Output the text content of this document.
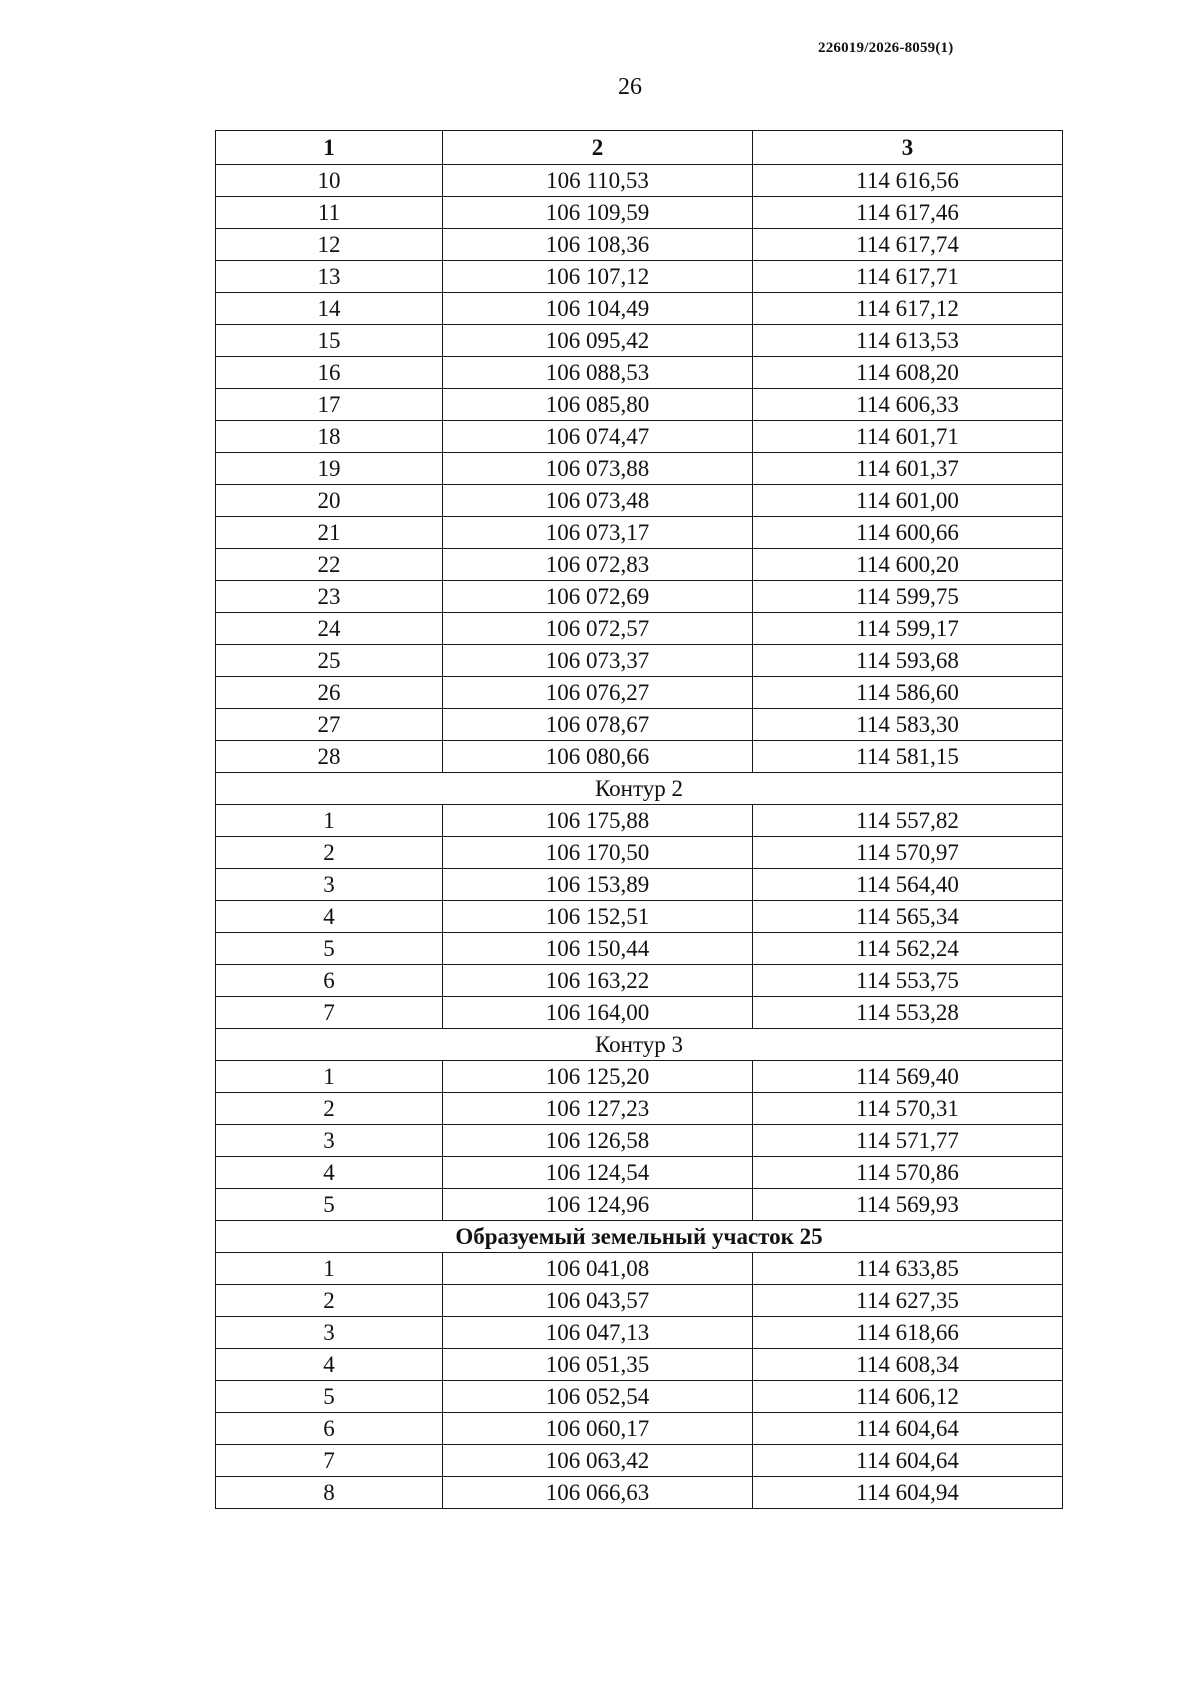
226019/2026-8059(1)
26
1	2	3
10	106 110,53	114 616,56
11	106 109,59	114 617,46
12	106 108,36	114 617,74
13	106 107,12	114 617,71
14	106 104,49	114 617,12
15	106 095,42	114 613,53
16	106 088,53	114 608,20
17	106 085,80	114 606,33
18	106 074,47	114 601,71
19	106 073,88	114 601,37
20	106 073,48	114 601,00
21	106 073,17	114 600,66
22	106 072,83	114 600,20
23	106 072,69	114 599,75
24	106 072,57	114 599,17
25	106 073,37	114 593,68
26	106 076,27	114 586,60
27	106 078,67	114 583,30
28	106 080,66	114 581,15
Контур 2		
1	106 175,88	114 557,82
2	106 170,50	114 570,97
3	106 153,89	114 564,40
4	106 152,51	114 565,34
5	106 150,44	114 562,24
6	106 163,22	114 553,75
7	106 164,00	114 553,28
Контур 3		
1	106 125,20	114 569,40
2	106 127,23	114 570,31
3	106 126,58	114 571,77
4	106 124,54	114 570,86
5	106 124,96	114 569,93
Образуемый земельный участок 25		
1	106 041,08	114 633,85
2	106 043,57	114 627,35
3	106 047,13	114 618,66
4	106 051,35	114 608,34
5	106 052,54	114 606,12
6	106 060,17	114 604,64
7	106 063,42	114 604,64
8	106 066,63	114 604,94
